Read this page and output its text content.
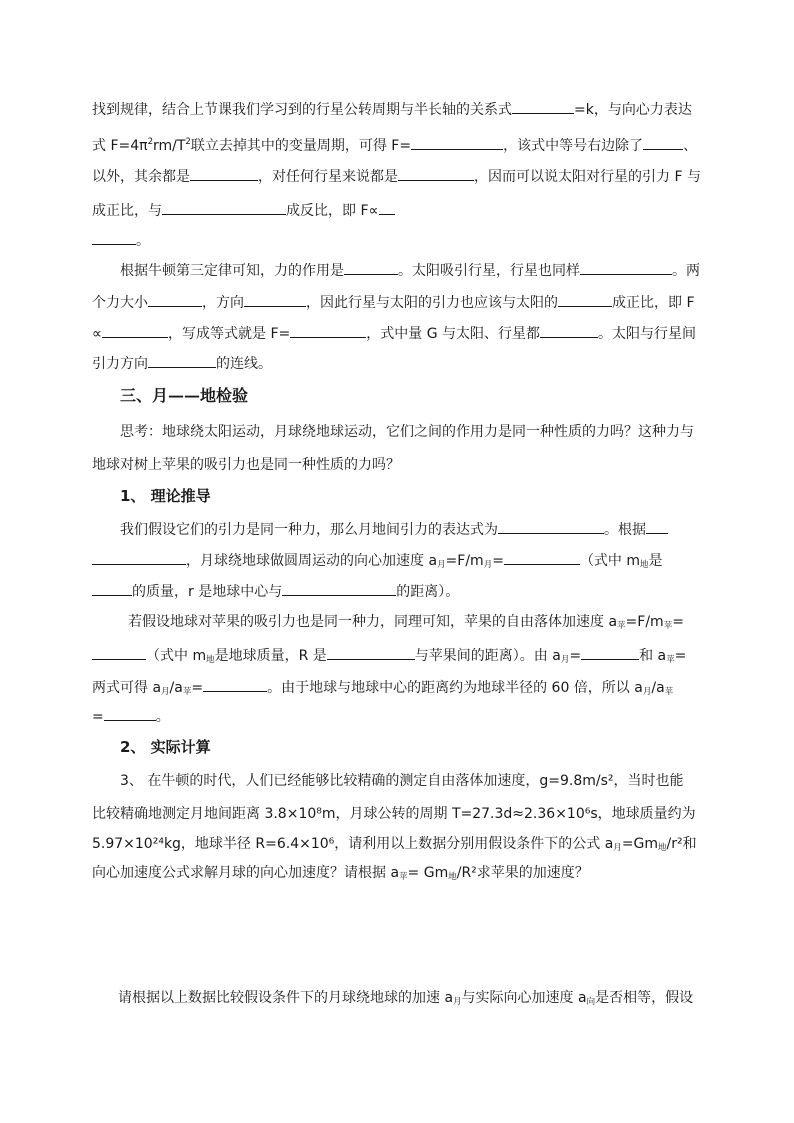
找到规律，结合上节课我们学习到的行星公转周期与半长轴的关系式	=k，与向心力表达
式 $F=4\pi^2rm/T^2$联立去掉其中的变量周期，可得 F=	，该式中等号右边除了	、
以外，其余都是	，对任何行星来说都是	，因而可以说太阳对行星的引力 F 与
成正比，与	成反比，即 F∝
。
根据牛顿第三定律可知，力的作用是	。太阳吸引行星，行星也同样	。两
个力大小	，方向	，因此行星与太阳的引力也应该与太阳的	成正比，即 F
∝	，写成等式就是 F=	，式中量 G 与太阳、行星都	。太阳与行星间
引力方向	的连线。
三、月——地检验
思考：地球绕太阳运动，月球绕地球运动，它们之间的作用力是同一种性质的力吗？这种力与
地球对树上苹果的吸引力也是同一种性质的力吗？
1、 理论推导
我们假设它们的引力是同一种力，那么月地间引力的表达式为	。根据
，月球绕地球做圆周运动的向心加速度 $a_月=F/m_月=$	（式中 $m_地$是
的质量，r 是地球中心与	的距离）。
若假设地球对苹果的吸引力也是同一种力，同理可知，苹果的自由落体加速度 $a_苹=F/m_苹=$
（式中 $m_地$是地球质量，R 是	与苹果间的距离）。由 $a_月=$	和 $a_苹=$
两式可得 $a_月/a_苹=$	。由于地球与地球中心的距离约为地球半径的 60 倍，所以 $a_月/a_苹$
=	。
2、 实际计算
3、 在牛顿的时代，人们已经能够比较精确的测定自由落体加速度，g=9.8m/s²，当时也能
比较精确地测定月地间距离 3.8×10⁸m，月球公转的周期 T=27.3d≈2.36×10⁶s，地球质量约为
5.97×10²⁴kg，地球半径 R=6.4×10⁶，请利用以上数据分别用假设条件下的公式 $a_月=Gm_地/r^2$和
向心加速度公式求解月球的向心加速度？请根据 $a_苹= Gm_地/R^2$求苹果的加速度？
请根据以上数据比较假设条件下的月球绕地球的加速 $a_月$与实际向心加速度 $a_向$是否相等，假设
